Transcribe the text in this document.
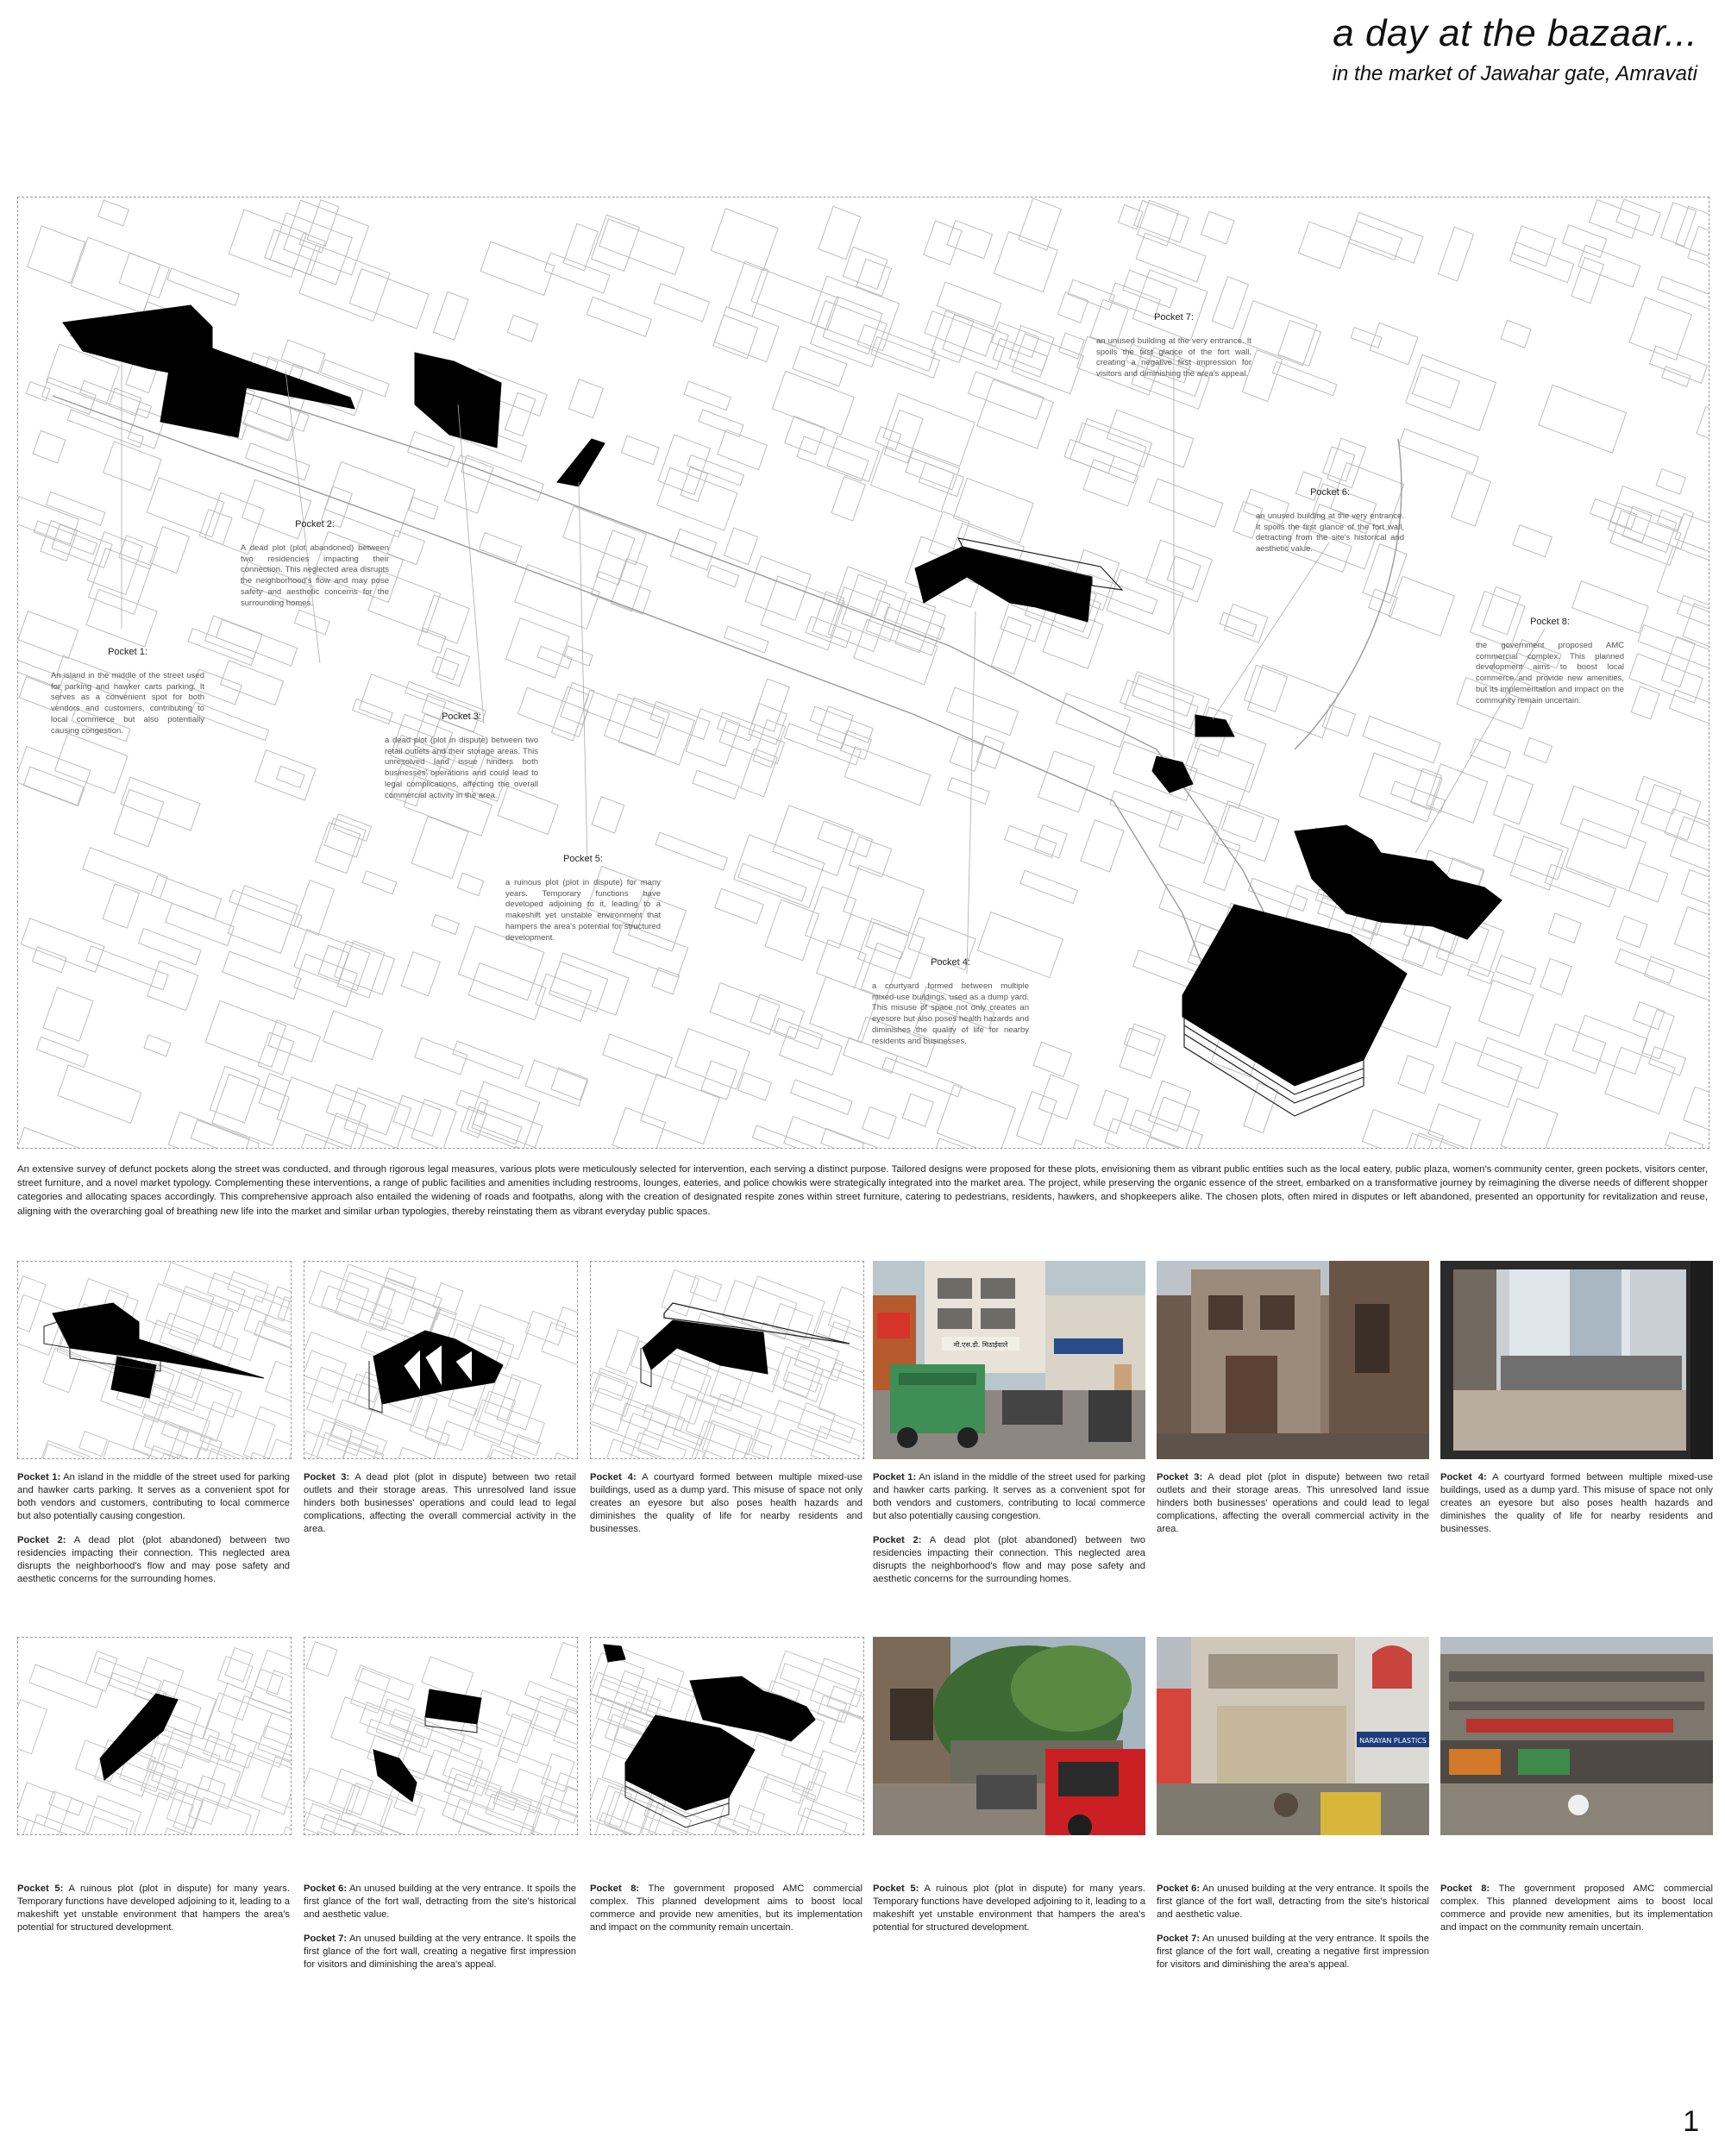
a day at the bazaar...
in the market of Jawahar gate, Amravati
Pocket 7:
an unused building at the very entrance. It spoils the first glance of the fort wall, creating a negative first impression for visitors and diminishing the area's appeal.
Pocket 6:
an unused building at the very entrance. It spoils the first glance of the fort wall, detracting from the site's historical and aesthetic value.
Pocket 8:
the government proposed AMC commercial complex. This planned development aims to boost local commerce and provide new amenities, but its implementation and impact on the community remain uncertain.
Pocket 2:
A dead plot (plot abandoned) between two residencies impacting their connection. This neglected area disrupts the neighborhood's flow and may pose safety and aesthetic concerns for the surrounding homes.
Pocket 1:
An island in the middle of the street used for parking and hawker carts parking. It serves as a convenient spot for both vendors and customers, contributing to local commerce but also potentially causing congestion.
Pocket 3:
a dead plot (plot in dispute) between two retail outlets and their storage areas. This unresolved land issue hinders both businesses' operations and could lead to legal complications, affecting the overall commercial activity in the area.
Pocket 5:
a ruinous plot (plot in dispute) for many years. Temporary functions have developed adjoining to it, leading to a makeshift yet unstable environment that hampers the area's potential for structured development.
Pocket 4:
a courtyard formed between multiple mixed-use buildings, used as a dump yard. This misuse of space not only creates an eyesore but also poses health hazards and diminishes the quality of life for nearby residents and businesses.
An extensive survey of defunct pockets along the street was conducted, and through rigorous legal measures, various plots were meticulously selected for intervention, each serving a distinct purpose. Tailored designs were proposed for these plots, envisioning them as vibrant public entities such as the local eatery, public plaza, women's community center, green pockets, visitors center, street furniture, and a novel market typology. Complementing these interventions, a range of public facilities and amenities including restrooms, lounges, eateries, and police chowkis were strategically integrated into the market area. The project, while preserving the organic essence of the street, embarked on a transformative journey by reimagining the diverse needs of different shopper categories and allocating spaces accordingly. This comprehensive approach also entailed the widening of roads and footpaths, along with the creation of designated respite zones within street furniture, catering to pedestrians, residents, hawkers, and shopkeepers alike. The chosen plots, often mired in disputes or left abandoned, presented an opportunity for revitalization and reuse, aligning with the overarching goal of breathing new life into the market and similar urban typologies, thereby reinstating them as vibrant everyday public spaces.
मी.एस.डी. मिठाईवाले

Pocket 1: An island in the middle of the street used for parking and hawker carts parking. It serves as a convenient spot for both vendors and customers, contributing to local commerce but also potentially causing congestion.

Pocket 2: A dead plot (plot abandoned) between two residencies impacting their connection. This neglected area disrupts the neighborhood's flow and may pose safety and aesthetic concerns for the surrounding homes.

Pocket 3: A dead plot (plot in dispute) between two retail outlets and their storage areas. This unresolved land issue hinders both businesses' operations and could lead to legal complications, affecting the overall commercial activity in the area.

Pocket 4: A courtyard formed between multiple mixed-use buildings, used as a dump yard. This misuse of space not only creates an eyesore but also poses health hazards and diminishes the quality of life for nearby residents and businesses.

Pocket 1: An island in the middle of the street used for parking and hawker carts parking. It serves as a convenient spot for both vendors and customers, contributing to local commerce but also potentially causing congestion.

Pocket 2: A dead plot (plot abandoned) between two residencies impacting their connection. This neglected area disrupts the neighborhood's flow and may pose safety and aesthetic concerns for the surrounding homes.

Pocket 3: A dead plot (plot in dispute) between two retail outlets and their storage areas. This unresolved land issue hinders both businesses' operations and could lead to legal complications, affecting the overall commercial activity in the area.

Pocket 4: A courtyard formed between multiple mixed-use buildings, used as a dump yard. This misuse of space not only creates an eyesore but also poses health hazards and diminishes the quality of life for nearby residents and businesses.

NARAYAN PLASTICS

Pocket 5: A ruinous plot (plot in dispute) for many years. Temporary functions have developed adjoining to it, leading to a makeshift yet unstable environment that hampers the area's potential for structured development.

Pocket 6: An unused building at the very entrance. It spoils the first glance of the fort wall, detracting from the site's historical and aesthetic value.

Pocket 7: An unused building at the very entrance. It spoils the first glance of the fort wall, creating a negative first impression for visitors and diminishing the area's appeal.

Pocket 8: The government proposed AMC commercial complex. This planned development aims to boost local commerce and provide new amenities, but its implementation and impact on the community remain uncertain.

Pocket 5: A ruinous plot (plot in dispute) for many years. Temporary functions have developed adjoining to it, leading to a makeshift yet unstable environment that hampers the area's potential for structured development.

Pocket 6: An unused building at the very entrance. It spoils the first glance of the fort wall, detracting from the site's historical and aesthetic value.

Pocket 7: An unused building at the very entrance. It spoils the first glance of the fort wall, creating a negative first impression for visitors and diminishing the area's appeal.

Pocket 8: The government proposed AMC commercial complex. This planned development aims to boost local commerce and provide new amenities, but its implementation and impact on the community remain uncertain.

1
